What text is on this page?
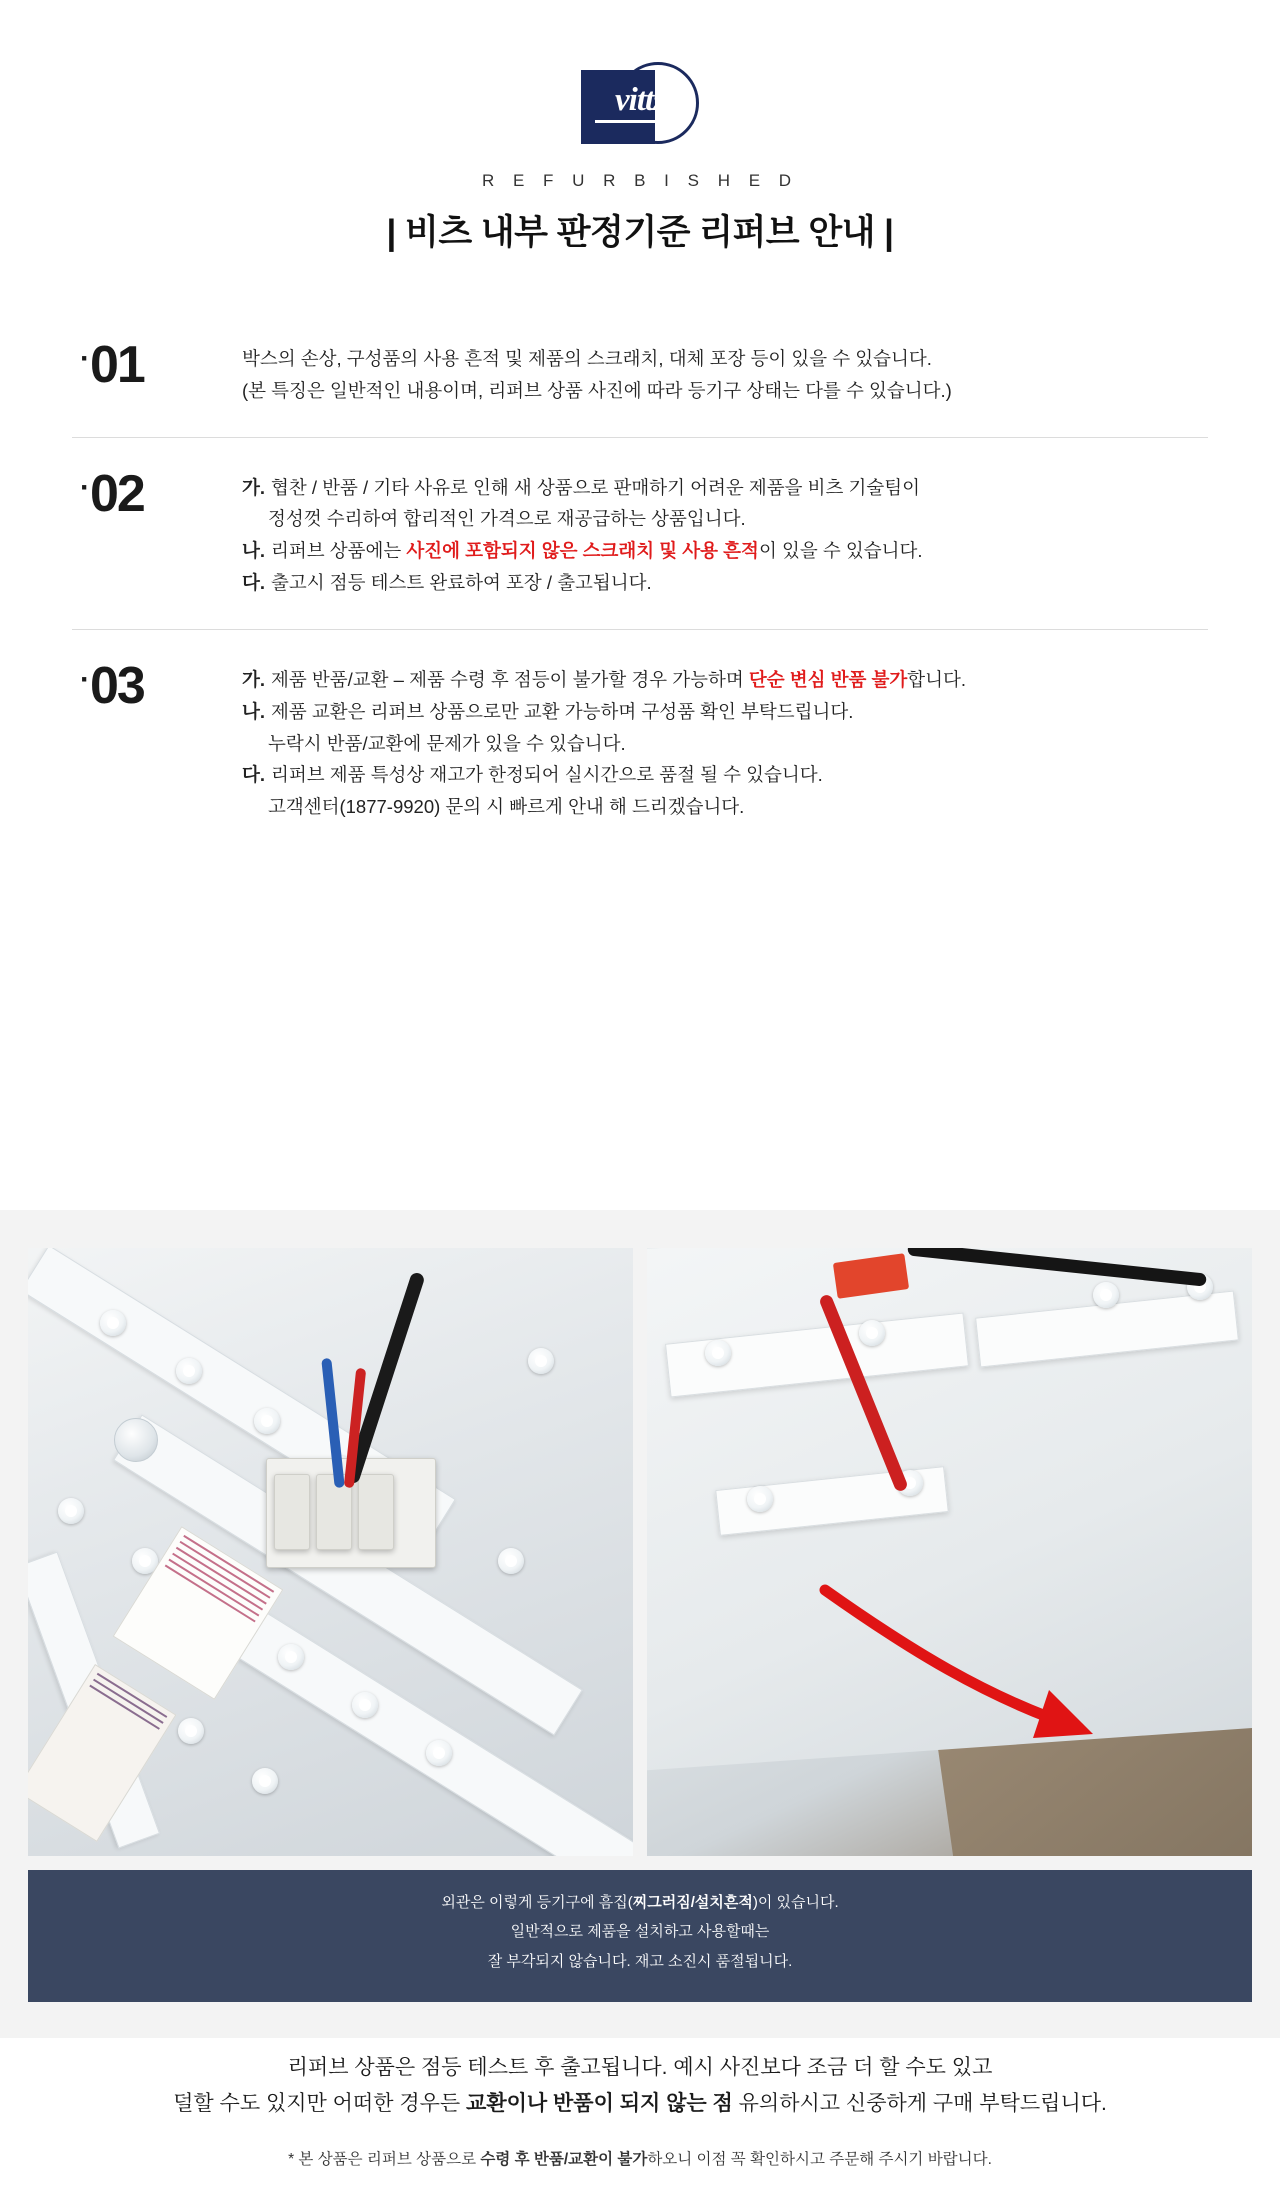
vittz
R E F U R B I S H E D
| 비츠 내부 판정기준 리퍼브 안내 |
·01	박스의 손상, 구성품의 사용 흔적 및 제품의 스크래치, 대체 포장 등이 있을 수 있습니다.
(본 특징은 일반적인 내용이며, 리퍼브 상품 사진에 따라 등기구 상태는 다를 수 있습니다.)
·02	가. 협찬 / 반품 / 기타 사유로 인해 새 상품으로 판매하기 어려운 제품을 비츠 기술팀이
정성껏 수리하여 합리적인 가격으로 재공급하는 상품입니다.
나. 리퍼브 상품에는 사진에 포함되지 않은 스크래치 및 사용 흔적이 있을 수 있습니다.
다. 출고시 점등 테스트 완료하여 포장 / 출고됩니다.
·03	가. 제품 반품/교환 – 제품 수령 후 점등이 불가할 경우 가능하며 단순 변심 반품 불가합니다.
나. 제품 교환은 리퍼브 상품으로만 교환 가능하며 구성품 확인 부탁드립니다.
누락시 반품/교환에 문제가 있을 수 있습니다.
다. 리퍼브 제품 특성상 재고가 한정되어 실시간으로 품절 될 수 있습니다.
고객센터(1877-9920) 문의 시 빠르게 안내 해 드리겠습니다.
외관은 이렇게 등기구에 흠집(찌그러짐/설치흔적)이 있습니다.
일반적으로 제품을 설치하고 사용할때는
잘 부각되지 않습니다. 재고 소진시 품절됩니다.
리퍼브 상품은 점등 테스트 후 출고됩니다. 예시 사진보다 조금 더 할 수도 있고
덜할 수도 있지만 어떠한 경우든 교환이나 반품이 되지 않는 점 유의하시고 신중하게 구매 부탁드립니다.
* 본 상품은 리퍼브 상품으로 수령 후 반품/교환이 불가하오니 이점 꼭 확인하시고 주문해 주시기 바랍니다.
